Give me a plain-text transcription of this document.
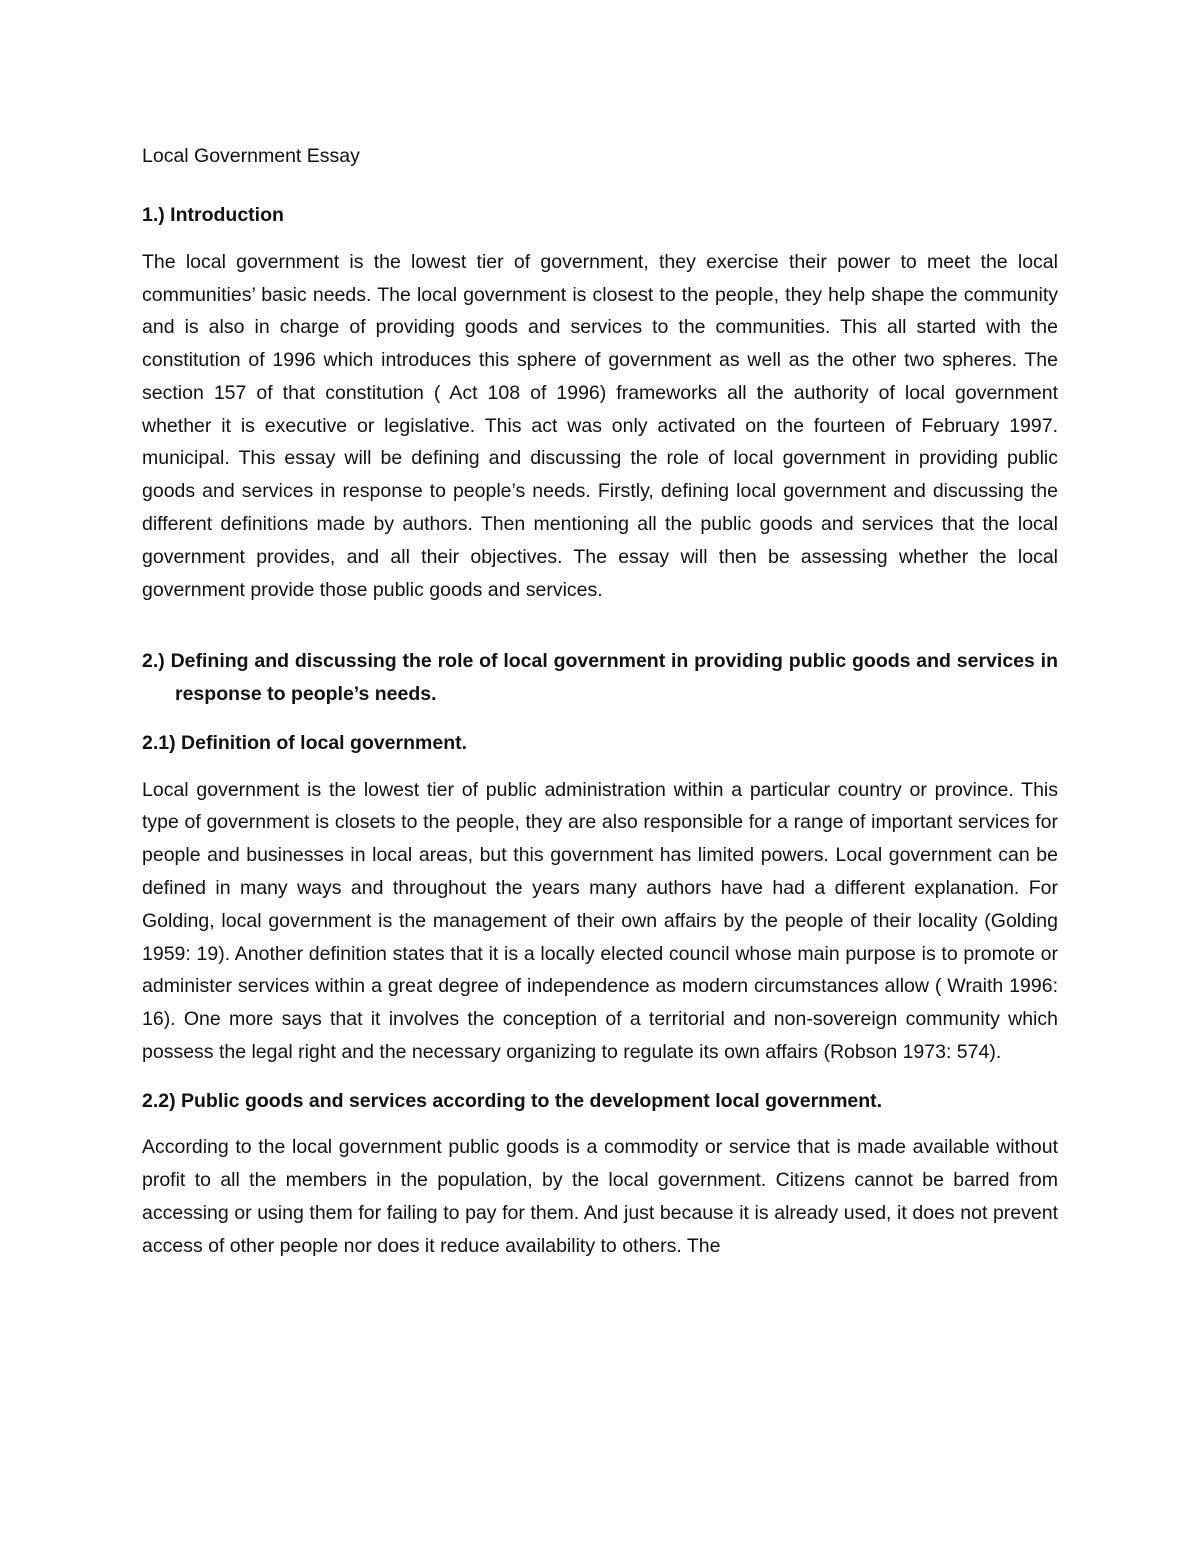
Local Government Essay

1.) Introduction

The local government is the lowest tier of government, they exercise their power to meet the local communities’ basic needs. The local government is closest to the people, they help shape the community and is also in charge of providing goods and services to the communities. This all started with the constitution of 1996 which introduces this sphere of government as well as the other two spheres. The section 157 of that constitution ( Act 108 of 1996) frameworks all the authority of local government whether it is executive or legislative. This act was only activated on the fourteen of February 1997. municipal. This essay will be defining and discussing the role of local government in providing public goods and services in response to people’s needs. Firstly, defining local government and discussing the different definitions made by authors. Then mentioning all the public goods and services that the local government provides, and all their objectives. The essay will then be assessing whether the local government provide those public goods and services.

2.) Defining and discussing the role of local government in providing public goods and services in response to people’s needs.

2.1) Definition of local government.

Local government is the lowest tier of public administration within a particular country or province. This type of government is closets to the people, they are also responsible for a range of important services for people and businesses in local areas, but this government has limited powers. Local government can be defined in many ways and throughout the years many authors have had a different explanation. For Golding, local government is the management of their own affairs by the people of their locality (Golding 1959: 19). Another definition states that it is a locally elected council whose main purpose is to promote or administer services within a great degree of independence as modern circumstances allow ( Wraith 1996: 16). One more says that it involves the conception of a territorial and non-sovereign community which possess the legal right and the necessary organizing to regulate its own affairs (Robson 1973: 574).

2.2) Public goods and services according to the development local government.

According to the local government public goods is a commodity or service that is made available without profit to all the members in the population, by the local government. Citizens cannot be barred from accessing or using them for failing to pay for them. And just because it is already used, it does not prevent access of other people nor does it reduce availability to others. The
